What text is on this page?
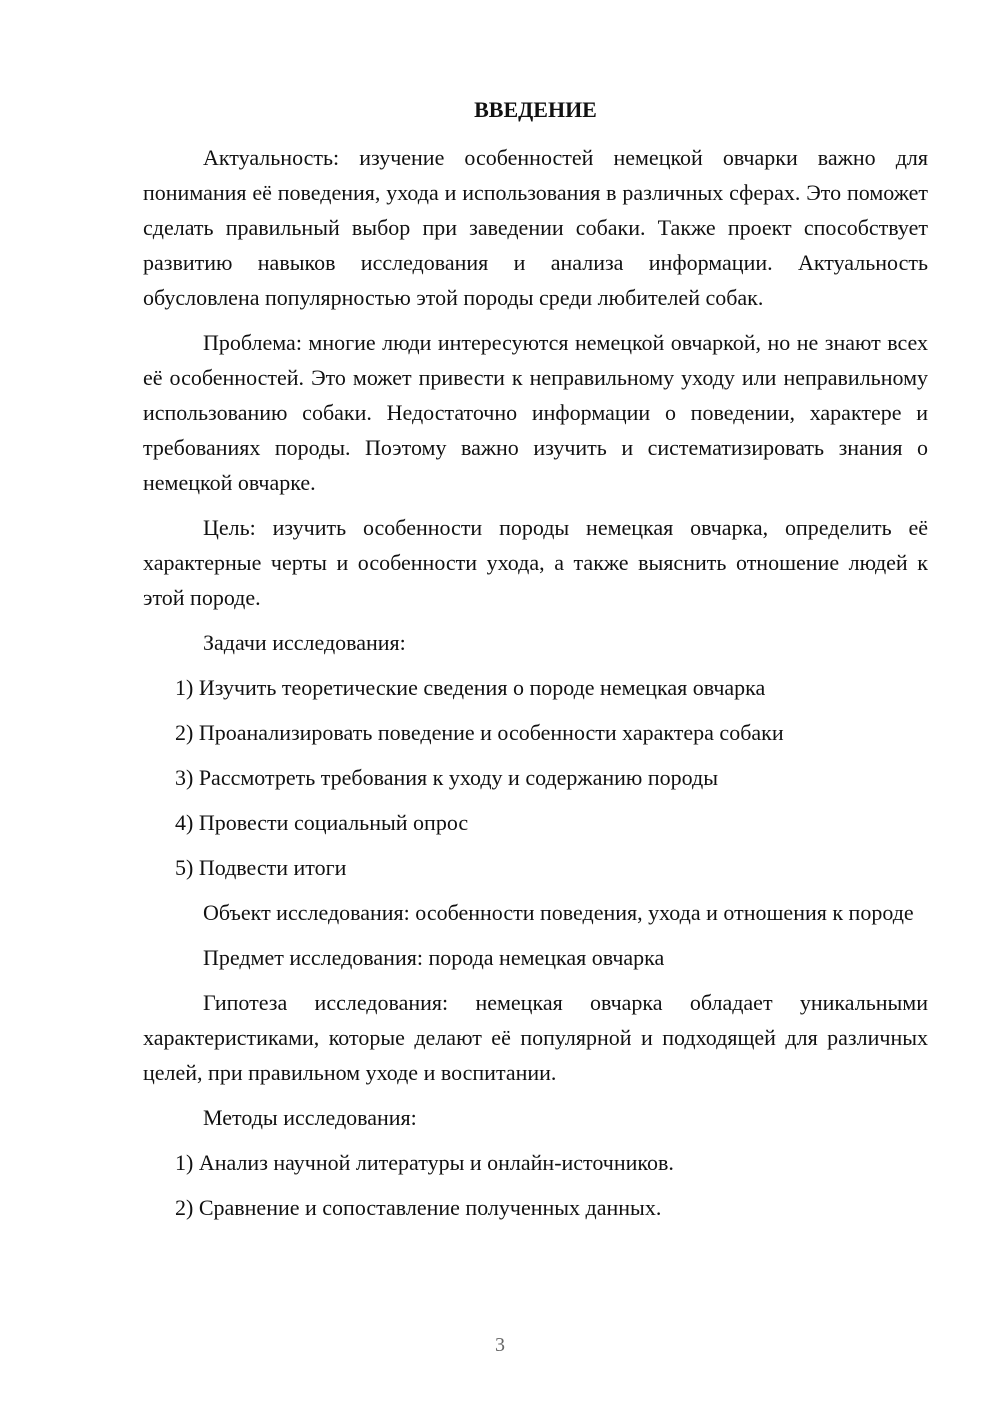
ВВЕДЕНИЕ

Актуальность: изучение особенностей немецкой овчарки важно для понимания её поведения, ухода и использования в различных сферах. Это поможет сделать правильный выбор при заведении собаки. Также проект способствует развитию навыков исследования и анализа информации. Актуальность обусловлена популярностью этой породы среди любителей собак.

Проблема: многие люди интересуются немецкой овчаркой, но не знают всех её особенностей. Это может привести к неправильному уходу или неправильному использованию собаки. Недостаточно информации о поведении, характере и требованиях породы. Поэтому важно изучить и систематизировать знания о немецкой овчарке.

Цель: изучить особенности породы немецкая овчарка, определить её характерные черты и особенности ухода, а также выяснить отношение людей к этой породе.

Задачи исследования:

1) Изучить теоретические сведения о породе немецкая овчарка
2) Проанализировать поведение и особенности характера собаки
3) Рассмотреть требования к уходу и содержанию породы
4) Провести социальный опрос
5) Подвести итоги

Объект исследования: особенности поведения, ухода и отношения к породе

Предмет исследования: порода немецкая овчарка

Гипотеза исследования: немецкая овчарка обладает уникальными характеристиками, которые делают её популярной и подходящей для различных целей, при правильном уходе и воспитании.

Методы исследования:

1) Анализ научной литературы и онлайн-источников.
2) Сравнение и сопоставление полученных данных.
3
